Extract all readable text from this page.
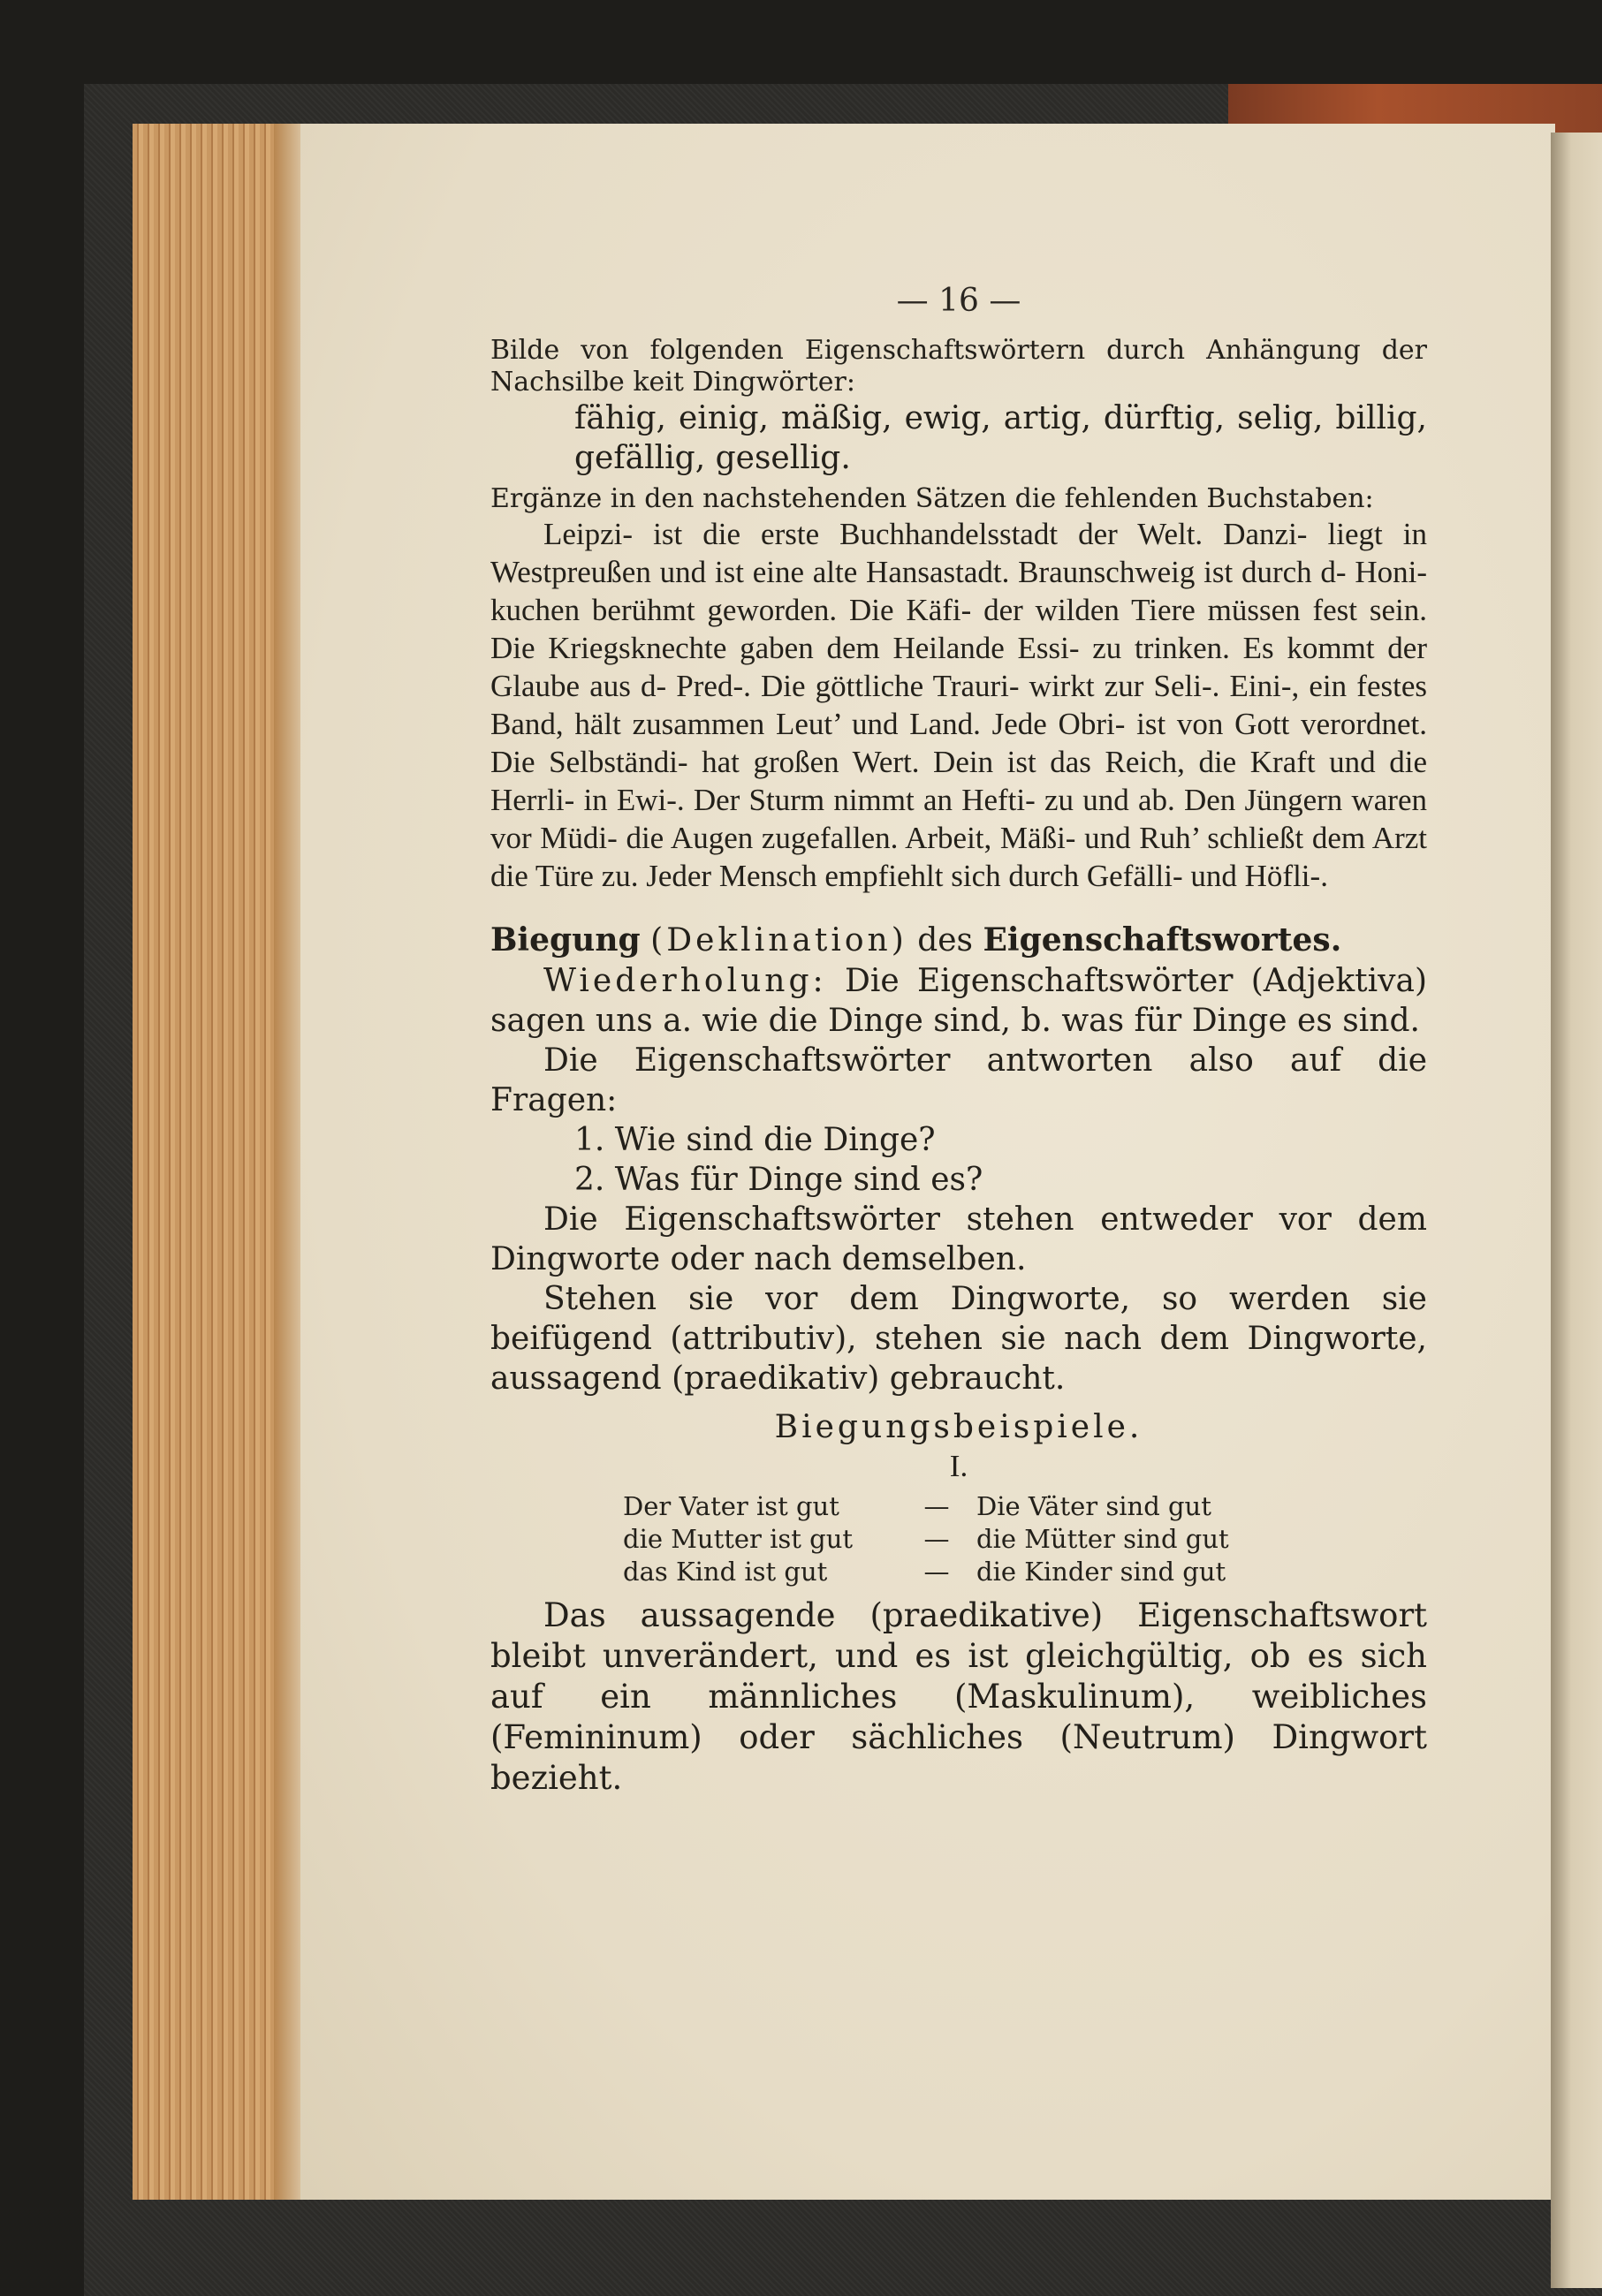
— 16 —

Bilde von folgenden Eigenschaftswörtern durch Anhängung der Nachsilbe keit Dingwörter:

fähig, einig, mäßig, ewig, artig, dürftig, selig, billig, gefällig, gesellig.

Ergänze in den nachstehenden Sätzen die fehlenden Buchstaben:

Leipzi- ist die erste Buchhandelsstadt der Welt. Danzi- liegt in Westpreußen und ist eine alte Hansastadt. Braunschweig ist durch d- Honi-kuchen berühmt geworden. Die Käfi- der wilden Tiere müssen fest sein. Die Kriegsknechte gaben dem Heilande Essi- zu trinken. Es kommt der Glaube aus d- Pred-. Die göttliche Trauri- wirkt zur Seli-. Eini-, ein festes Band, hält zusammen Leut’ und Land. Jede Obri- ist von Gott verordnet. Die Selbständi- hat großen Wert. Dein ist das Reich, die Kraft und die Herrli- in Ewi-. Der Sturm nimmt an Hefti- zu und ab. Den Jüngern waren vor Müdi- die Augen zugefallen. Arbeit, Mäßi- und Ruh’ schließt dem Arzt die Türe zu. Jeder Mensch empfiehlt sich durch Gefälli- und Höfli-.

Biegung (Deklination) des Eigenschaftswortes.

Wiederholung: Die Eigenschaftswörter (Adjektiva) sagen uns a. wie die Dinge sind, b. was für Dinge es sind.

Die Eigenschaftswörter antworten also auf die Fragen:

1. Wie sind die Dinge?

2. Was für Dinge sind es?

Die Eigenschaftswörter stehen entweder vor dem Dingworte oder nach demselben.

Stehen sie vor dem Dingworte, so werden sie beifügend (attributiv), stehen sie nach dem Dingworte, aussagend (praedikativ) gebraucht.

Biegungsbeispiele.

I.

Der Vater ist gut	—	Die Väter sind gut
die Mutter ist gut	—	die Mütter sind gut
das Kind ist gut	—	die Kinder sind gut

Das aussagende (praedikative) Eigenschaftswort bleibt unverändert, und es ist gleichgültig, ob es sich auf ein männliches (Maskulinum), weibliches (Femininum) oder sächliches (Neutrum) Dingwort bezieht.
